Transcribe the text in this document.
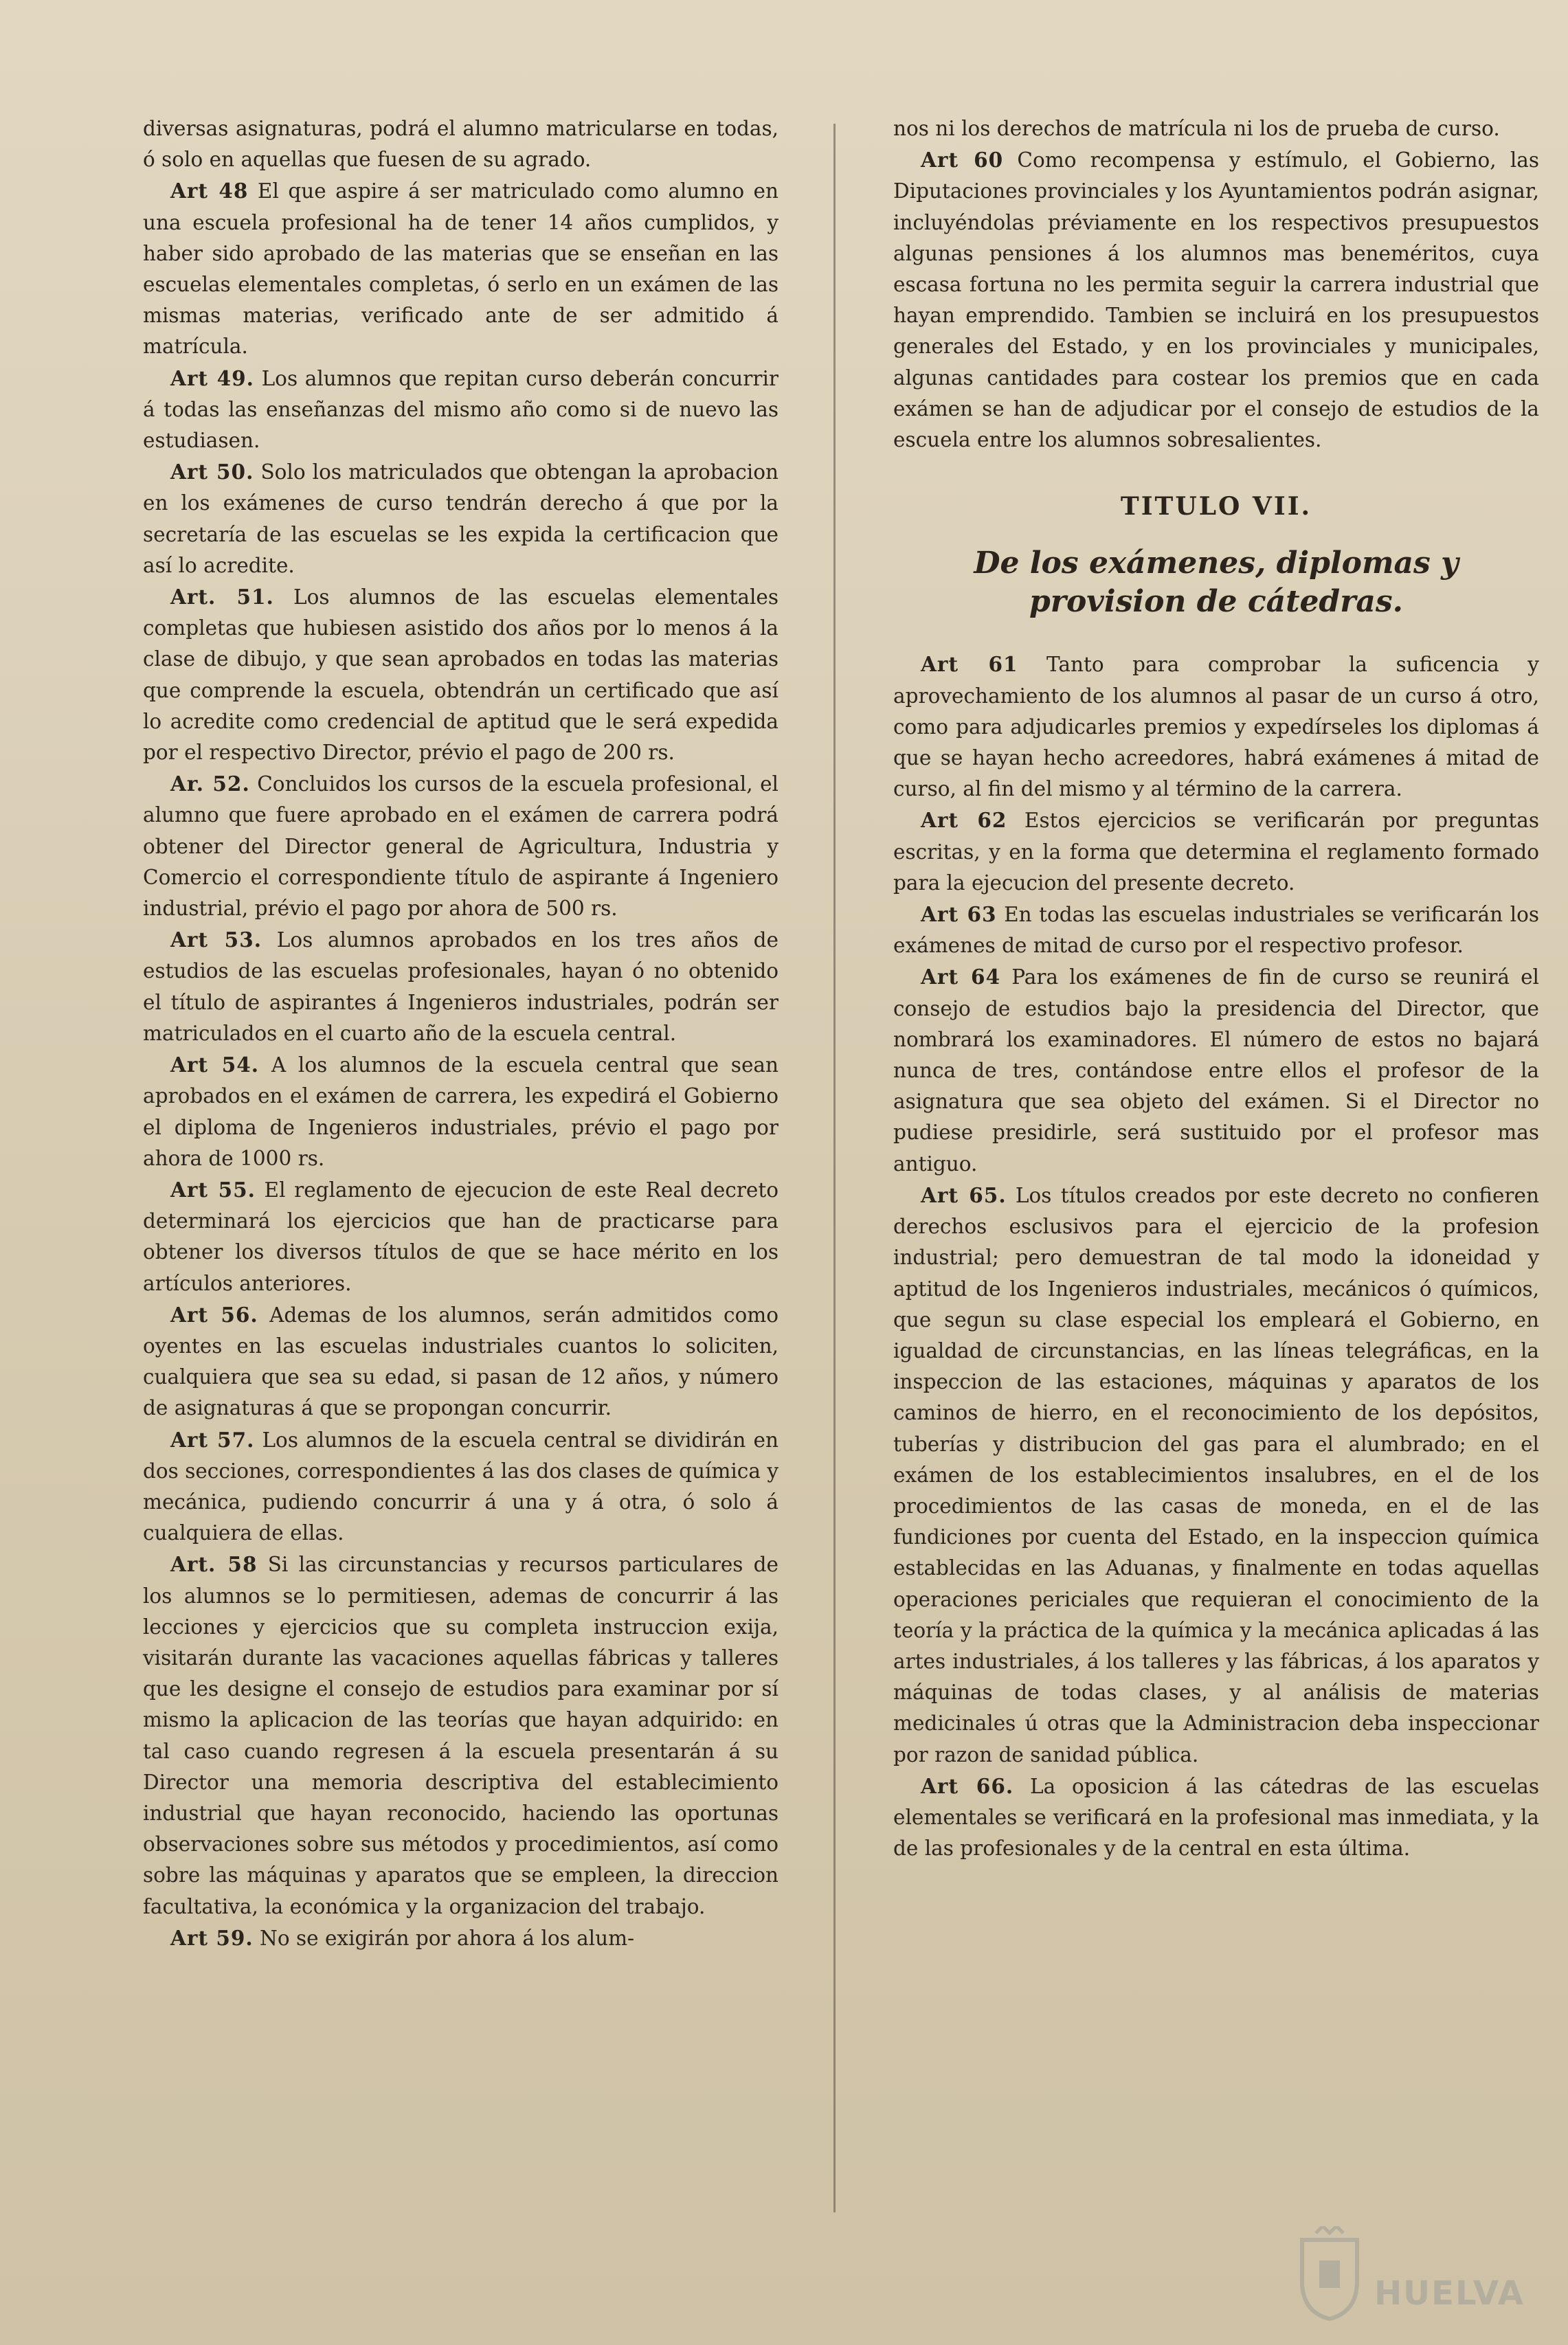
diversas asignaturas, podrá el alumno matricularse en todas, ó solo en aquellas que fuesen de su agrado.

Art 48 El que aspire á ser matriculado como alumno en una escuela profesional ha de tener 14 años cumplidos, y haber sido aprobado de las materias que se enseñan en las escuelas elementales completas, ó serlo en un exámen de las mismas materias, verificado ante de ser admitido á matrícula.

Art 49. Los alumnos que repitan curso deberán concurrir á todas las enseñanzas del mismo año como si de nuevo las estudiasen.

Art 50. Solo los matriculados que obtengan la aprobacion en los exámenes de curso tendrán derecho á que por la secretaría de las escuelas se les expida la certificacion que así lo acredite.

Art. 51. Los alumnos de las escuelas elementales completas que hubiesen asistido dos años por lo menos á la clase de dibujo, y que sean aprobados en todas las materias que comprende la escuela, obtendrán un certificado que así lo acredite como credencial de aptitud que le será expedida por el respectivo Director, prévio el pago de 200 rs.

Ar. 52. Concluidos los cursos de la escuela profesional, el alumno que fuere aprobado en el exámen de carrera podrá obtener del Director general de Agricultura, Industria y Comercio el correspondiente título de aspirante á Ingeniero industrial, prévio el pago por ahora de 500 rs.

Art 53. Los alumnos aprobados en los tres años de estudios de las escuelas profesionales, hayan ó no obtenido el título de aspirantes á Ingenieros industriales, podrán ser matriculados en el cuarto año de la escuela central.

Art 54. A los alumnos de la escuela central que sean aprobados en el exámen de carrera, les expedirá el Gobierno el diploma de Ingenieros industriales, prévio el pago por ahora de 1000 rs.

Art 55. El reglamento de ejecucion de este Real decreto determinará los ejercicios que han de practicarse para obtener los diversos títulos de que se hace mérito en los artículos anteriores.

Art 56. Ademas de los alumnos, serán admitidos como oyentes en las escuelas industriales cuantos lo soliciten, cualquiera que sea su edad, si pasan de 12 años, y número de asignaturas á que se propongan concurrir.

Art 57. Los alumnos de la escuela central se dividirán en dos secciones, correspondientes á las dos clases de química y mecánica, pudiendo concurrir á una y á otra, ó solo á cualquiera de ellas.

Art. 58 Si las circunstancias y recursos particulares de los alumnos se lo permitiesen, ademas de concurrir á las lecciones y ejercicios que su completa instruccion exija, visitarán durante las vacaciones aquellas fábricas y talleres que les designe el consejo de estudios para examinar por sí mismo la aplicacion de las teorías que hayan adquirido: en tal caso cuando regresen á la escuela presentarán á su Director una memoria descriptiva del establecimiento industrial que hayan reconocido, haciendo las oportunas observaciones sobre sus métodos y procedimientos, así como sobre las máquinas y aparatos que se empleen, la direccion facultativa, la económica y la organizacion del trabajo.

Art 59. No se exigirán por ahora á los alum-

nos ni los derechos de matrícula ni los de prueba de curso.

Art 60 Como recompensa y estímulo, el Gobierno, las Diputaciones provinciales y los Ayuntamientos podrán asignar, incluyéndolas préviamente en los respectivos presupuestos algunas pensiones á los alumnos mas beneméritos, cuya escasa fortuna no les permita seguir la carrera industrial que hayan emprendido. Tambien se incluirá en los presupuestos generales del Estado, y en los provinciales y municipales, algunas cantidades para costear los premios que en cada exámen se han de adjudicar por el consejo de estudios de la escuela entre los alumnos sobresalientes.

TITULO VII.
De los exámenes, diplomas y provision de cátedras.

Art 61 Tanto para comprobar la suficencia y aprovechamiento de los alumnos al pasar de un curso á otro, como para adjudicarles premios y expedírseles los diplomas á que se hayan hecho acreedores, habrá exámenes á mitad de curso, al fin del mismo y al término de la carrera.

Art 62 Estos ejercicios se verificarán por preguntas escritas, y en la forma que determina el reglamento formado para la ejecucion del presente decreto.

Art 63 En todas las escuelas industriales se verificarán los exámenes de mitad de curso por el respectivo profesor.

Art 64 Para los exámenes de fin de curso se reunirá el consejo de estudios bajo la presidencia del Director, que nombrará los examinadores. El número de estos no bajará nunca de tres, contándose entre ellos el profesor de la asignatura que sea objeto del exámen. Si el Director no pudiese presidirle, será sustituido por el profesor mas antiguo.

Art 65. Los títulos creados por este decreto no confieren derechos esclusivos para el ejercicio de la profesion industrial; pero demuestran de tal modo la idoneidad y aptitud de los Ingenieros industriales, mecánicos ó químicos, que segun su clase especial los empleará el Gobierno, en igualdad de circunstancias, en las líneas telegráficas, en la inspeccion de las estaciones, máquinas y aparatos de los caminos de hierro, en el reconocimiento de los depósitos, tuberías y distribucion del gas para el alumbrado; en el exámen de los establecimientos insalubres, en el de los procedimientos de las casas de moneda, en el de las fundiciones por cuenta del Estado, en la inspeccion química establecidas en las Aduanas, y finalmente en todas aquellas operaciones periciales que requieran el conocimiento de la teoría y la práctica de la química y la mecánica aplicadas á las artes industriales, á los talleres y las fábricas, á los aparatos y máquinas de todas clases, y al análisis de materias medicinales ú otras que la Administracion deba inspeccionar por razon de sanidad pública.

Art 66. La oposicion á las cátedras de las escuelas elementales se verificará en la profesional mas inmediata, y la de las profesionales y de la central en esta última.

HUELVA
